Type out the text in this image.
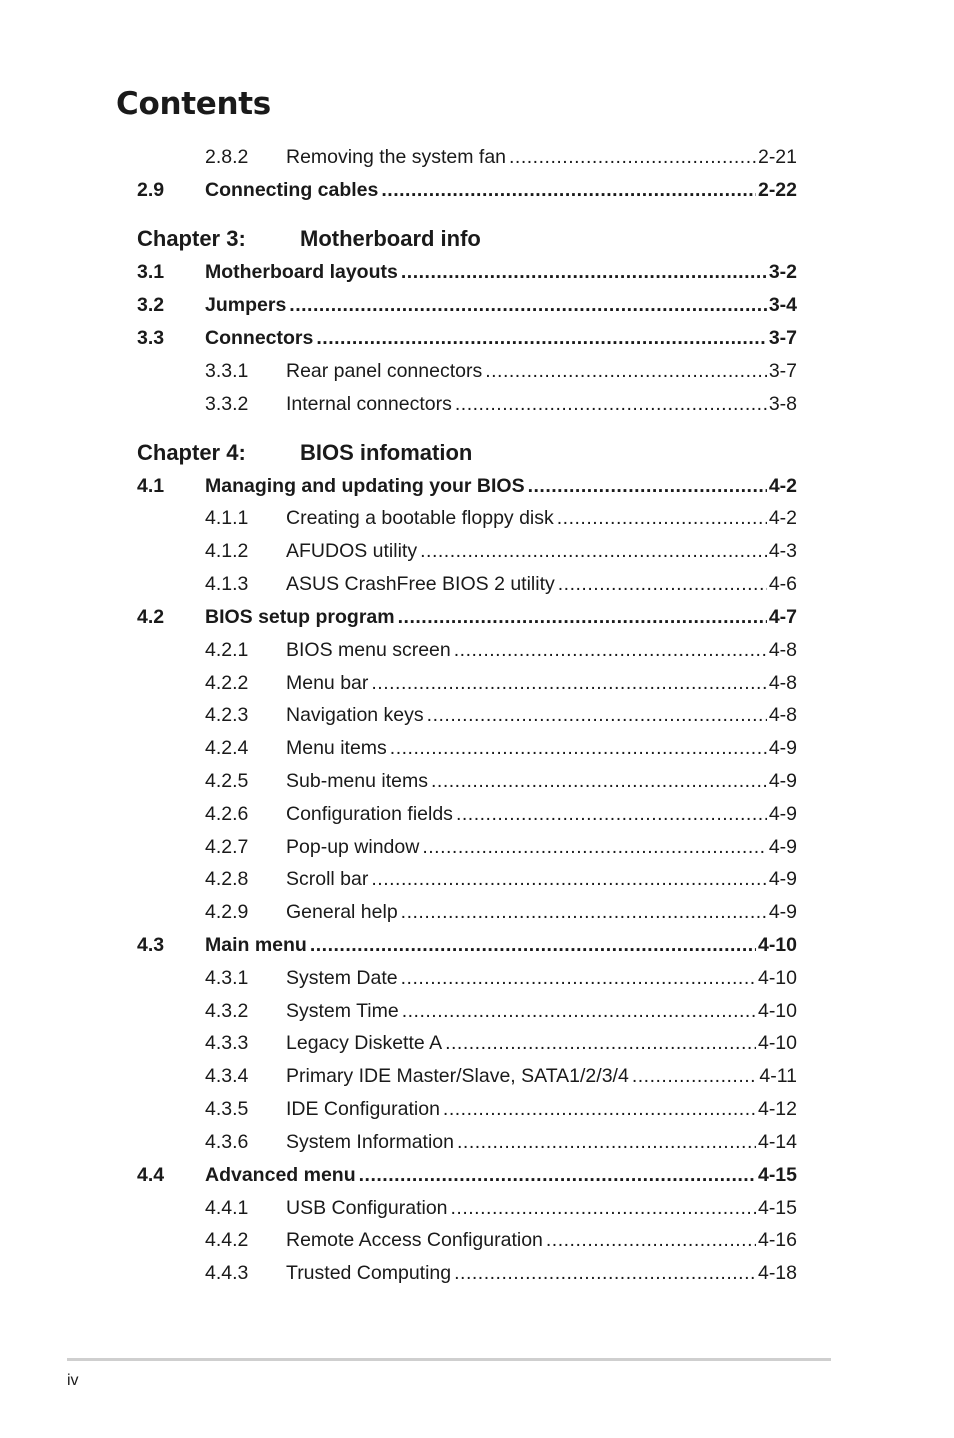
Contents
2.8.2 Removing the system fan .....	2-21
2.9 Connecting cables .....	2-22
Chapter 3: Motherboard info
3.1 Motherboard layouts .....	3-2
3.2 Jumpers .....	3-4
3.3 Connectors .....	3-7
3.3.1 Rear panel connectors .....	3-7
3.3.2 Internal connectors .....	3-8
Chapter 4: BIOS infomation
4.1 Managing and updating your BIOS .....	4-2
4.1.1 Creating a bootable floppy disk .....	4-2
4.1.2 AFUDOS utility .....	4-3
4.1.3 ASUS CrashFree BIOS 2 utility .....	4-6
4.2 BIOS setup program .....	4-7
4.2.1 BIOS menu screen .....	4-8
4.2.2 Menu bar .....	4-8
4.2.3 Navigation keys .....	4-8
4.2.4 Menu items .....	4-9
4.2.5 Sub-menu items .....	4-9
4.2.6 Configuration fields .....	4-9
4.2.7 Pop-up window .....	4-9
4.2.8 Scroll bar .....	4-9
4.2.9 General help .....	4-9
4.3 Main menu .....	4-10
4.3.1 System Date .....	4-10
4.3.2 System Time .....	4-10
4.3.3 Legacy Diskette A .....	4-10
4.3.4 Primary IDE Master/Slave, SATA1/2/3/4 .....	4-11
4.3.5 IDE Configuration .....	4-12
4.3.6 System Information .....	4-14
4.4 Advanced menu .....	4-15
4.4.1 USB Configuration .....	4-15
4.4.2 Remote Access Configuration .....	4-16
4.4.3 Trusted Computing .....	4-18
iv
